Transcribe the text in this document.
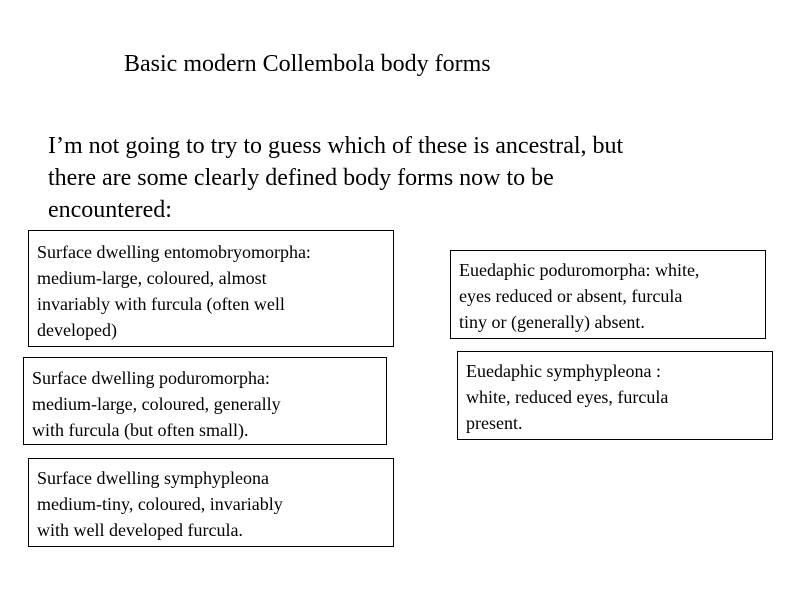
Basic modern Collembola body forms
I’m not going to try to guess which of these is ancestral, but
there are some clearly defined body forms now to be
encountered:
Surface dwelling entomobryomorpha:
medium-large, coloured, almost
invariably with furcula (often well
developed)
Surface dwelling poduromorpha:
medium-large, coloured, generally
with furcula (but often small).
Surface dwelling symphypleona
medium-tiny, coloured, invariably
with well developed furcula.
Euedaphic poduromorpha: white,
eyes reduced or absent, furcula
tiny or (generally) absent.
Euedaphic symphypleona :
white, reduced eyes, furcula
present.
